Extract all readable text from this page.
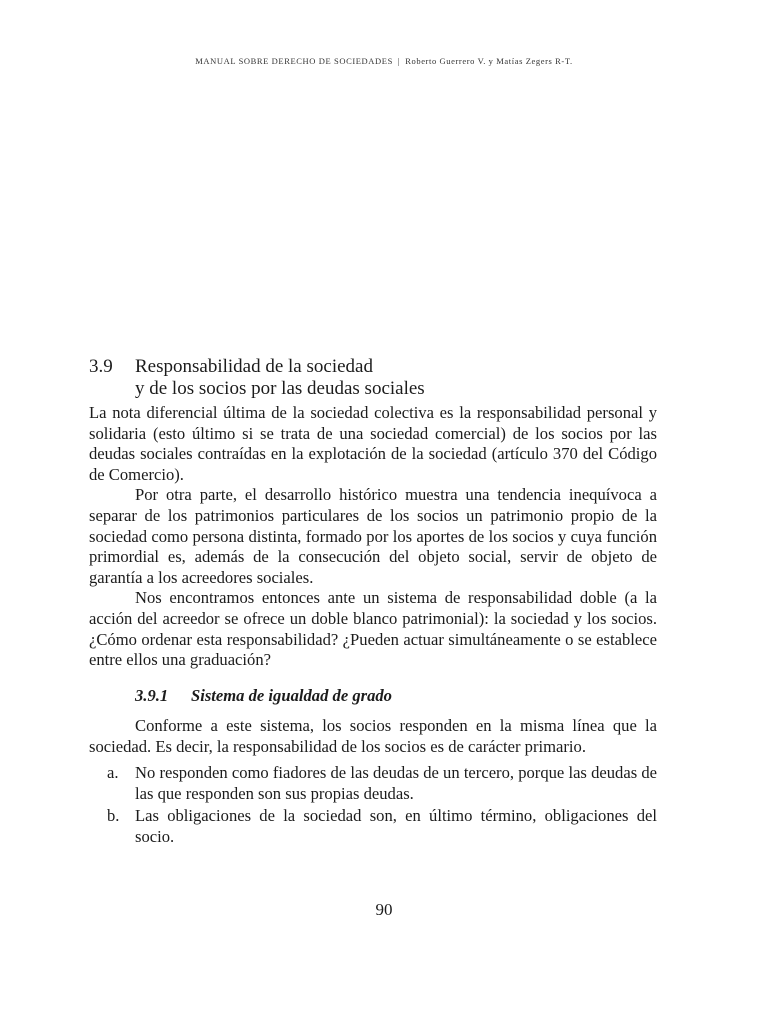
MANUAL SOBRE DERECHO DE SOCIEDADES | Roberto Guerrero V. y Matías Zegers R-T.
3.9 Responsabilidad de la sociedad
y de los socios por las deudas sociales

La nota diferencial última de la sociedad colectiva es la responsabilidad personal y solidaria (esto último si se trata de una sociedad comercial) de los socios por las deudas sociales contraídas en la explotación de la sociedad (artículo 370 del Código de Comercio).

Por otra parte, el desarrollo histórico muestra una tendencia inequívoca a separar de los patrimonios particulares de los socios un patrimonio propio de la sociedad como persona distinta, formado por los aportes de los socios y cuya función primordial es, además de la consecución del objeto social, servir de objeto de garantía a los acreedores sociales.

Nos encontramos entonces ante un sistema de responsabilidad doble (a la acción del acreedor se ofrece un doble blanco patrimonial): la sociedad y los socios. ¿Cómo ordenar esta responsabilidad? ¿Pueden actuar simultáneamente o se establece entre ellos una graduación?

3.9.1 Sistema de igualdad de grado

Conforme a este sistema, los socios responden en la misma línea que la sociedad. Es decir, la responsabilidad de los socios es de carácter primario.

a. No responden como fiadores de las deudas de un tercero, porque las deudas de las que responden son sus propias deudas.
b. Las obligaciones de la sociedad son, en último término, obligaciones del socio.
90
